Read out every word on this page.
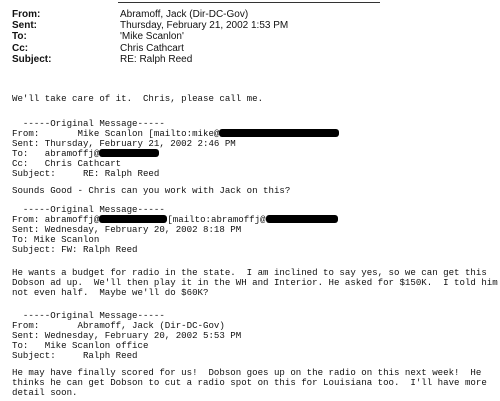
From:	Abramoff, Jack (Dir-DC-Gov)
Sent:	Thursday, February 21, 2002 1:53 PM
To:	'Mike Scanlon'
Cc:	Chris Cathcart
Subject:	RE: Ralph Reed
We'll take care of it.  Chris, please call me.
-----Original Message-----
From:       Mike Scanlon [mailto:mike@
Sent: Thursday, February 21, 2002 2:46 PM
To:   abramoffj@
Cc:   Chris Cathcart
Subject:     RE: Ralph Reed
Sounds Good - Chris can you work with Jack on this?
-----Original Message-----
From: abramoffj@	[mailto:abramoffj@
Sent: Wednesday, February 20, 2002 8:18 PM
To: Mike Scanlon
Subject: FW: Ralph Reed
He wants a budget for radio in the state.  I am inclined to say yes, so we can get this
Dobson ad up.  We'll then play it in the WH and Interior. He asked for $150K.  I told him
not even half.  Maybe we'll do $60K?
-----Original Message-----
From:       Abramoff, Jack (Dir-DC-Gov)
Sent: Wednesday, February 20, 2002 5:53 PM
To:   Mike Scanlon office
Subject:     Ralph Reed
He may have finally scored for us!  Dobson goes up on the radio on this next week!  He
thinks he can get Dobson to cut a radio spot on this for Louisiana too.  I'll have more
detail soon.
